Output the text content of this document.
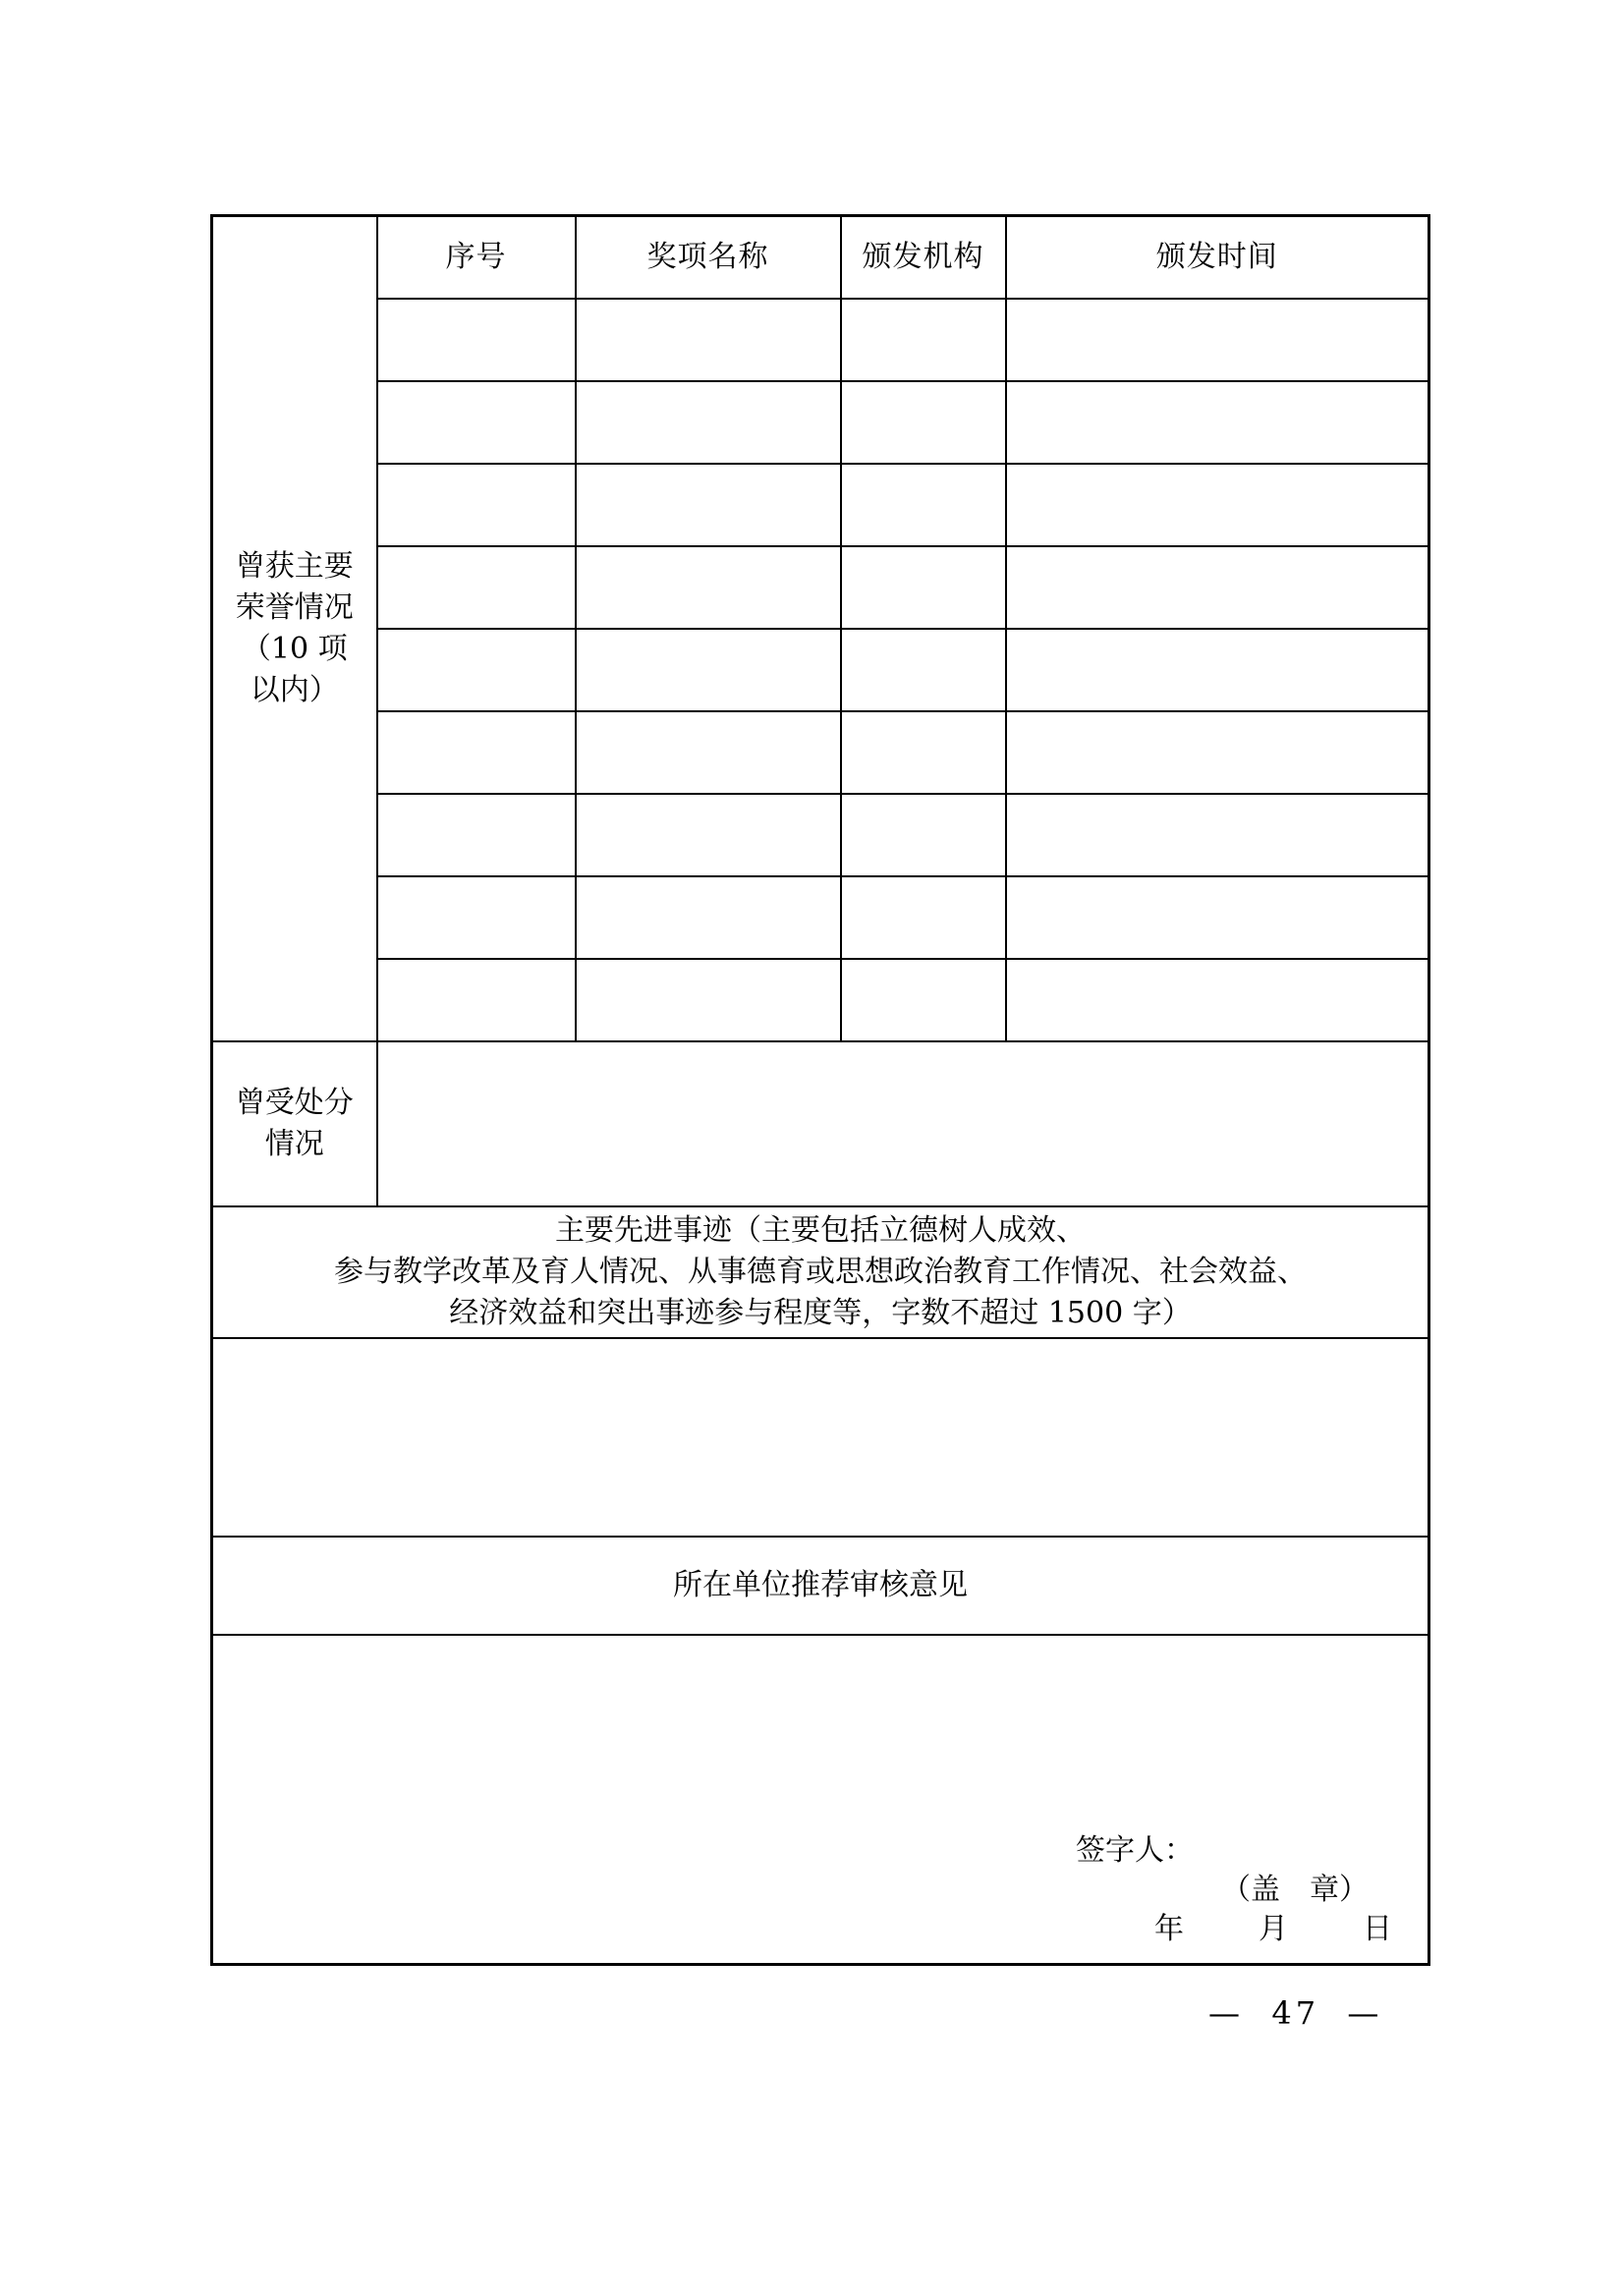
曾获主要
荣誉情况
（10 项
以内）	序号	奖项名称	颁发机构	颁发时间

曾受处分
情况				

主要先进事迹（主要包括立德树人成效、
参与教学改革及育人情况、从事德育或思想政治教育工作情况、社会效益、
经济效益和突出事迹参与程度等，字数不超过 1500 字）				

所在单位推荐审核意见				

签字人：
（盖　章）
年 月 日				
—  47  —
